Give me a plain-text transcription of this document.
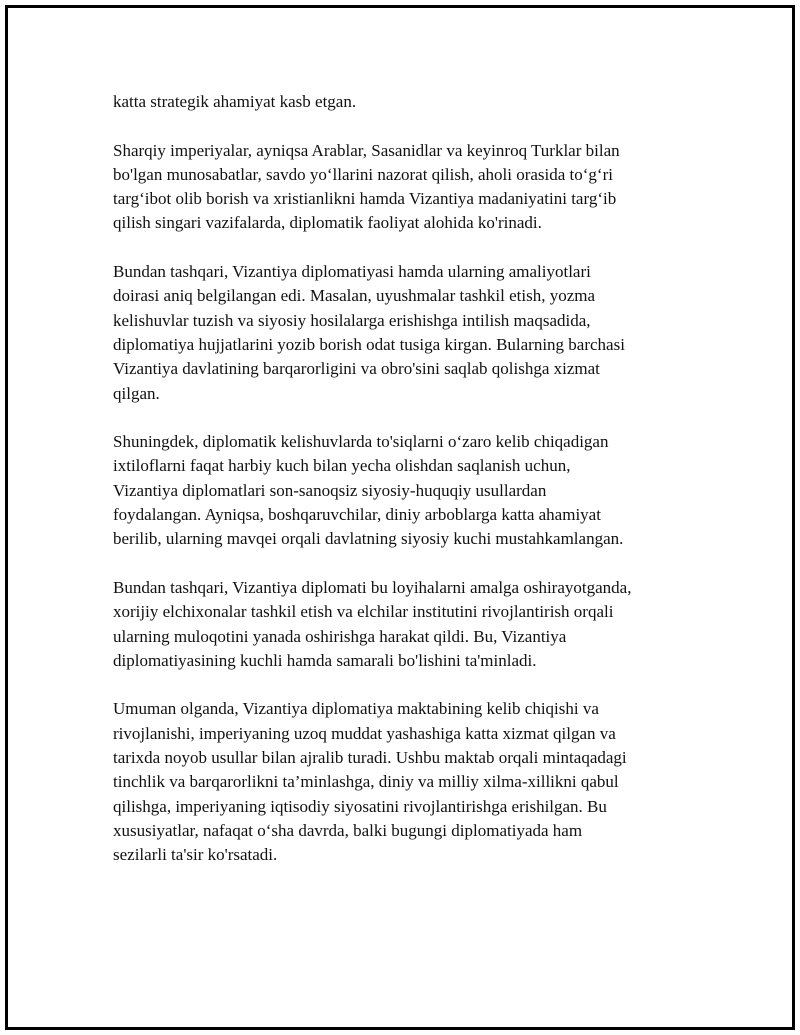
katta strategik ahamiyat kasb etgan.

Sharqiy imperiyalar, ayniqsa Arablar, Sasanidlar va keyinroq Turklar bilan
bo'lgan munosabatlar, savdo yo‘llarini nazorat qilish, aholi orasida to‘g‘ri
targ‘ibot olib borish va xristianlikni hamda Vizantiya madaniyatini targ‘ib
qilish singari vazifalarda, diplomatik faoliyat alohida ko'rinadi.

Bundan tashqari, Vizantiya diplomatiyasi hamda ularning amaliyotlari
doirasi aniq belgilangan edi. Masalan, uyushmalar tashkil etish, yozma
kelishuvlar tuzish va siyosiy hosilalarga erishishga intilish maqsadida,
diplomatiya hujjatlarini yozib borish odat tusiga kirgan. Bularning barchasi
Vizantiya davlatining barqarorligini va obro'sini saqlab qolishga xizmat
qilgan.

Shuningdek, diplomatik kelishuvlarda to'siqlarni o‘zaro kelib chiqadigan
ixtiloflarni faqat harbiy kuch bilan yecha olishdan saqlanish uchun,
Vizantiya diplomatlari son-sanoqsiz siyosiy-huquqiy usullardan
foydalangan. Ayniqsa, boshqaruvchilar, diniy arboblarga katta ahamiyat
berilib, ularning mavqei orqali davlatning siyosiy kuchi mustahkamlangan.

Bundan tashqari, Vizantiya diplomati bu loyihalarni amalga oshirayotganda,
xorijiy elchixonalar tashkil etish va elchilar institutini rivojlantirish orqali
ularning muloqotini yanada oshirishga harakat qildi. Bu, Vizantiya
diplomatiyasining kuchli hamda samarali bo'lishini ta'minladi.

Umuman olganda, Vizantiya diplomatiya maktabining kelib chiqishi va
rivojlanishi, imperiyaning uzoq muddat yashashiga katta xizmat qilgan va
tarixda noyob usullar bilan ajralib turadi. Ushbu maktab orqali mintaqadagi
tinchlik va barqarorlikni ta’minlashga, diniy va milliy xilma-xillikni qabul
qilishga, imperiyaning iqtisodiy siyosatini rivojlantirishga erishilgan. Bu
xususiyatlar, nafaqat o‘sha davrda, balki bugungi diplomatiyada ham
sezilarli ta'sir ko'rsatadi.
